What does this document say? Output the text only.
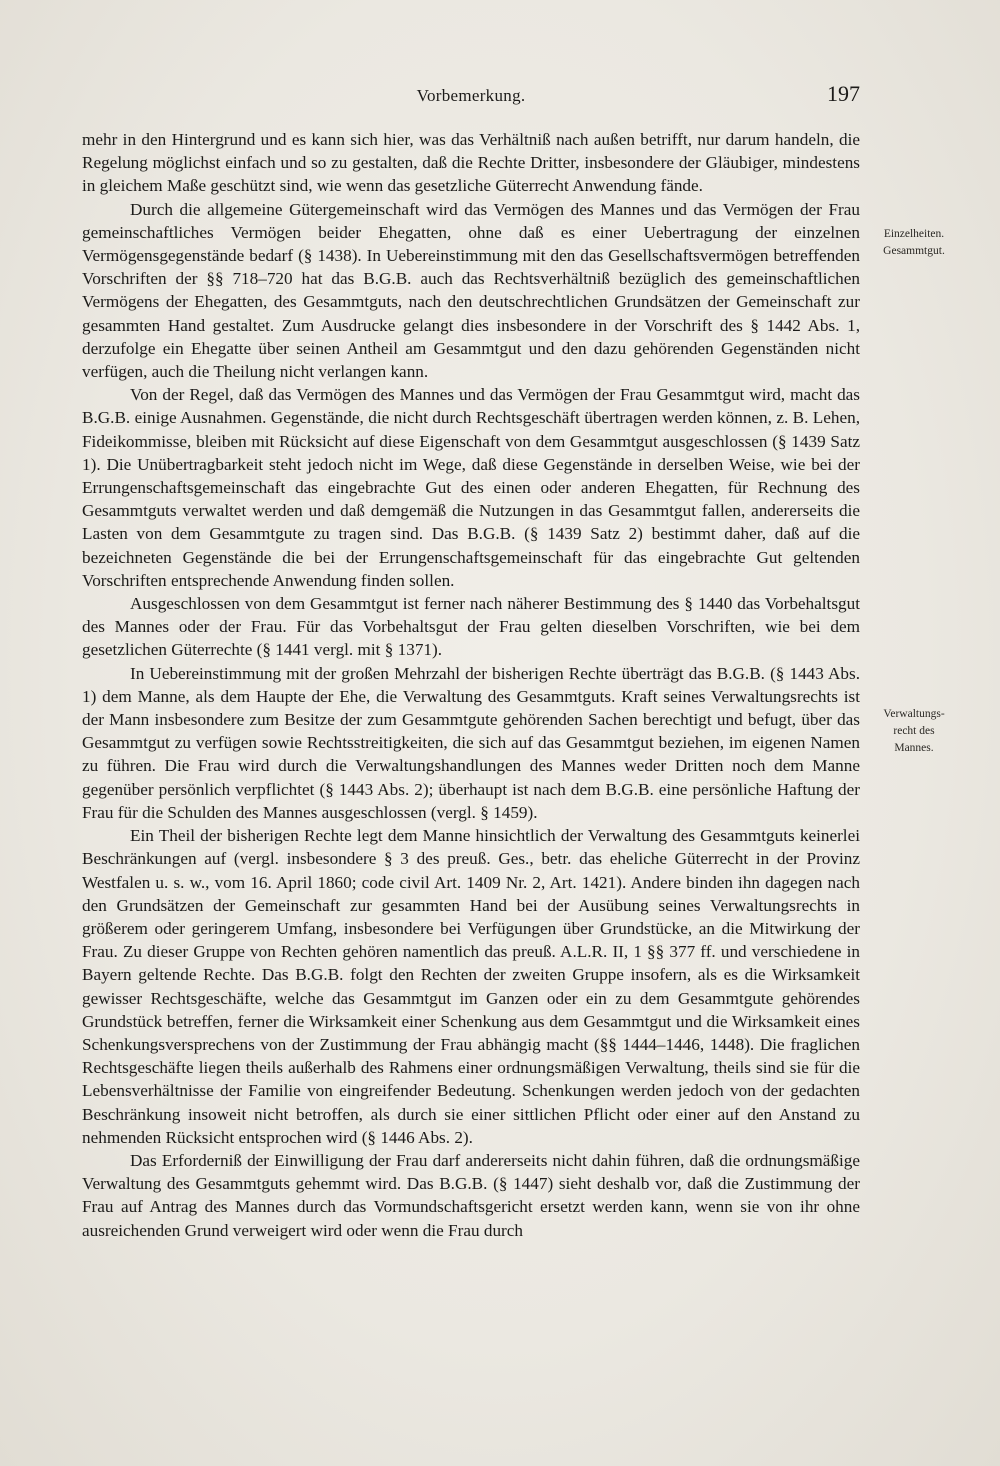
Vorbemerkung.	197

mehr in den Hintergrund und es kann sich hier, was das Verhältniß nach außen betrifft, nur darum handeln, die Regelung möglichst einfach und so zu gestalten, daß die Rechte Dritter, insbesondere der Gläubiger, mindestens in gleichem Maße geschützt sind, wie wenn das gesetzliche Güterrecht Anwendung fände.

Durch die allgemeine Gütergemeinschaft wird das Vermögen des Mannes und das Vermögen der Frau gemeinschaftliches Vermögen beider Ehegatten, ohne daß es einer Uebertragung der einzelnen Vermögensgegenstände bedarf (§ 1438). In Uebereinstimmung mit den das Gesellschaftsvermögen betreffenden Vorschriften der §§ 718–720 hat das B.G.B. auch das Rechtsverhältniß bezüglich des gemeinschaftlichen Vermögens der Ehegatten, des Gesammtguts, nach den deutschrechtlichen Grundsätzen der Gemeinschaft zur gesammten Hand gestaltet. Zum Ausdrucke gelangt dies insbesondere in der Vorschrift des § 1442 Abs. 1, derzufolge ein Ehegatte über seinen Antheil am Gesammtgut und den dazu gehörenden Gegenständen nicht verfügen, auch die Theilung nicht verlangen kann.

Von der Regel, daß das Vermögen des Mannes und das Vermögen der Frau Gesammtgut wird, macht das B.G.B. einige Ausnahmen. Gegenstände, die nicht durch Rechtsgeschäft übertragen werden können, z. B. Lehen, Fideikommisse, bleiben mit Rücksicht auf diese Eigenschaft von dem Gesammtgut ausgeschlossen (§ 1439 Satz 1). Die Unübertragbarkeit steht jedoch nicht im Wege, daß diese Gegenstände in derselben Weise, wie bei der Errungenschaftsgemeinschaft das eingebrachte Gut des einen oder anderen Ehegatten, für Rechnung des Gesammtguts verwaltet werden und daß demgemäß die Nutzungen in das Gesammtgut fallen, andererseits die Lasten von dem Gesammtgute zu tragen sind. Das B.G.B. (§ 1439 Satz 2) bestimmt daher, daß auf die bezeichneten Gegenstände die bei der Errungenschaftsgemeinschaft für das eingebrachte Gut geltenden Vorschriften entsprechende Anwendung finden sollen.

Ausgeschlossen von dem Gesammtgut ist ferner nach näherer Bestimmung des § 1440 das Vorbehaltsgut des Mannes oder der Frau. Für das Vorbehaltsgut der Frau gelten dieselben Vorschriften, wie bei dem gesetzlichen Güterrechte (§ 1441 vergl. mit § 1371).

In Uebereinstimmung mit der großen Mehrzahl der bisherigen Rechte überträgt das B.G.B. (§ 1443 Abs. 1) dem Manne, als dem Haupte der Ehe, die Verwaltung des Gesammtguts. Kraft seines Verwaltungsrechts ist der Mann insbesondere zum Besitze der zum Gesammtgute gehörenden Sachen berechtigt und befugt, über das Gesammtgut zu verfügen sowie Rechtsstreitigkeiten, die sich auf das Gesammtgut beziehen, im eigenen Namen zu führen. Die Frau wird durch die Verwaltungshandlungen des Mannes weder Dritten noch dem Manne gegenüber persönlich verpflichtet (§ 1443 Abs. 2); überhaupt ist nach dem B.G.B. eine persönliche Haftung der Frau für die Schulden des Mannes ausgeschlossen (vergl. § 1459).

Ein Theil der bisherigen Rechte legt dem Manne hinsichtlich der Verwaltung des Gesammtguts keinerlei Beschränkungen auf (vergl. insbesondere § 3 des preuß. Ges., betr. das eheliche Güterrecht in der Provinz Westfalen u. s. w., vom 16. April 1860; code civil Art. 1409 Nr. 2, Art. 1421). Andere binden ihn dagegen nach den Grundsätzen der Gemeinschaft zur gesammten Hand bei der Ausübung seines Verwaltungsrechts in größerem oder geringerem Umfang, insbesondere bei Verfügungen über Grundstücke, an die Mitwirkung der Frau. Zu dieser Gruppe von Rechten gehören namentlich das preuß. A.L.R. II, 1 §§ 377 ff. und verschiedene in Bayern geltende Rechte. Das B.G.B. folgt den Rechten der zweiten Gruppe insofern, als es die Wirksamkeit gewisser Rechtsgeschäfte, welche das Gesammtgut im Ganzen oder ein zu dem Gesammtgute gehörendes Grundstück betreffen, ferner die Wirksamkeit einer Schenkung aus dem Gesammtgut und die Wirksamkeit eines Schenkungsversprechens von der Zustimmung der Frau abhängig macht (§§ 1444–1446, 1448). Die fraglichen Rechtsgeschäfte liegen theils außerhalb des Rahmens einer ordnungsmäßigen Verwaltung, theils sind sie für die Lebensverhältnisse der Familie von eingreifender Bedeutung. Schenkungen werden jedoch von der gedachten Beschränkung insoweit nicht betroffen, als durch sie einer sittlichen Pflicht oder einer auf den Anstand zu nehmenden Rücksicht entsprochen wird (§ 1446 Abs. 2).

Das Erforderniß der Einwilligung der Frau darf andererseits nicht dahin führen, daß die ordnungsmäßige Verwaltung des Gesammtguts gehemmt wird. Das B.G.B. (§ 1447) sieht deshalb vor, daß die Zustimmung der Frau auf Antrag des Mannes durch das Vormundschaftsgericht ersetzt werden kann, wenn sie von ihr ohne ausreichenden Grund verweigert wird oder wenn die Frau durch

Einzelheiten.
Gesammtgut.
Verwaltungs-
recht des
Mannes.
